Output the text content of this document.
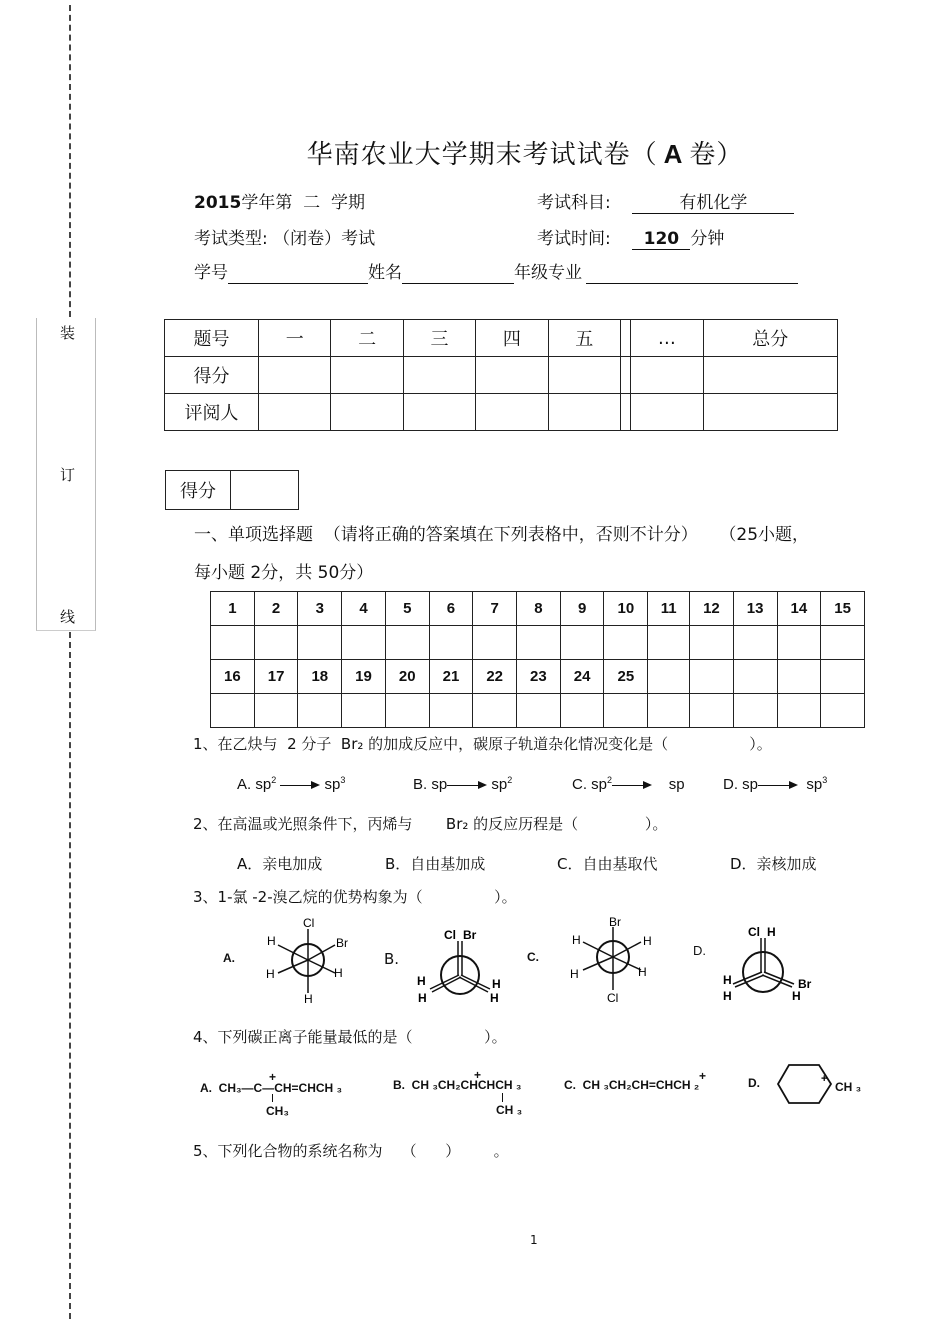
装
订
线
华南农业大学期末考试试卷（ A 卷）
2015学年第 二 学期	考试科目:	有机化学
考试类型: （闭卷）考试	考试时间: 120 分钟
学号	姓名	年级专业
题号	一	二	三	四	五		…	总分
得分								
评阅人								
得分	
一、单项选择题  （请将正确的答案填在下列表格中，否则不计分）    （25小题，
每小题 2分，共 50分）
1	2	3	4	5	6	7	8	9	10	11	12	13	14	15

16	17	18	19	20	21	22	23	24	25					

1、在乙炔与  2 分子  Br₂ 的加成反应中，碳原子轨道杂化情况变化是（                 ）。
A. $sp^2$	$sp^3$	B. sp	$sp^2$	C. $sp^2$	sp	D. sp	$sp^3$
2、在高温或光照条件下，丙烯与       Br₂ 的反应历程是（              ）。
A．亲电加成	B．自由基加成	C．自由基取代	D．亲核加成
3、1-氯 -2-溴乙烷的优势构象为（               ）。
A.
Cl
Br
H
H
H
H
B.
Cl Br
H
H
H
H
C.
Br
H	H
H	H
Cl
D.
Cl H
H
H
Br
H
4、下列碳正离子能量最低的是（               ）。
A.  CH₃—C—CH=CHCH ₃
+
CH₃
B.  CH ₃CH₂CHCHCH ₃
+
CH ₃
C.  CH ₃CH₂CH=CHCH ₂
+	D.	+
CH ₃
5、下列化合物的系统名称为    （      ）       。
1
